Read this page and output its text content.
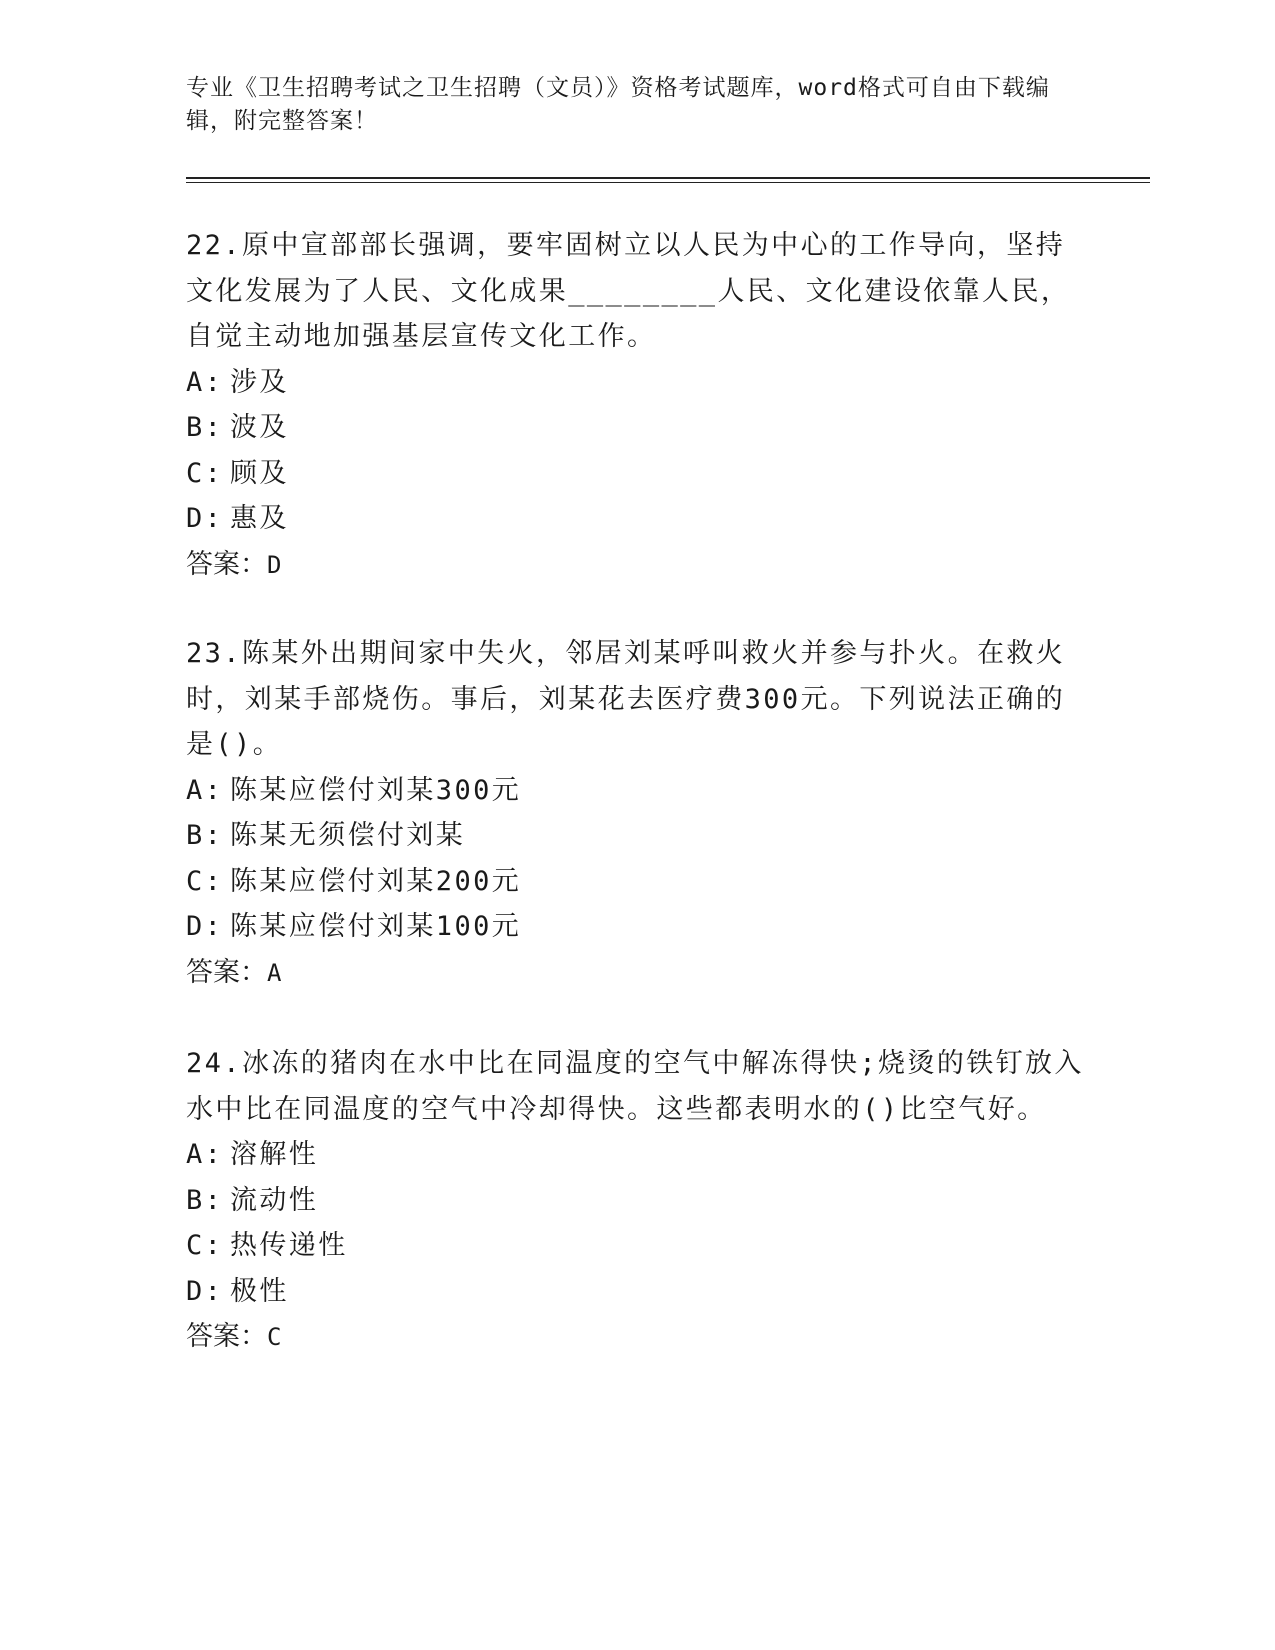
专业《卫生招聘考试之卫生招聘（文员）》资格考试题库，word格式可自由下载编辑，附完整答案！

22.原中宣部部长强调，要牢固树立以人民为中心的工作导向，坚持文化发展为了人民、文化成果________人民、文化建设依靠人民，自觉主动地加强基层宣传文化工作。

A: 涉及

B: 波及

C: 顾及

D: 惠及

答案：D

23.陈某外出期间家中失火，邻居刘某呼叫救火并参与扑火。在救火时，刘某手部烧伤。事后，刘某花去医疗费300元。下列说法正确的是()。

A: 陈某应偿付刘某300元

B: 陈某无须偿付刘某

C: 陈某应偿付刘某200元

D: 陈某应偿付刘某100元

答案：A

24.冰冻的猪肉在水中比在同温度的空气中解冻得快;烧烫的铁钉放入水中比在同温度的空气中冷却得快。这些都表明水的()比空气好。

A: 溶解性

B: 流动性

C: 热传递性

D: 极性

答案：C
